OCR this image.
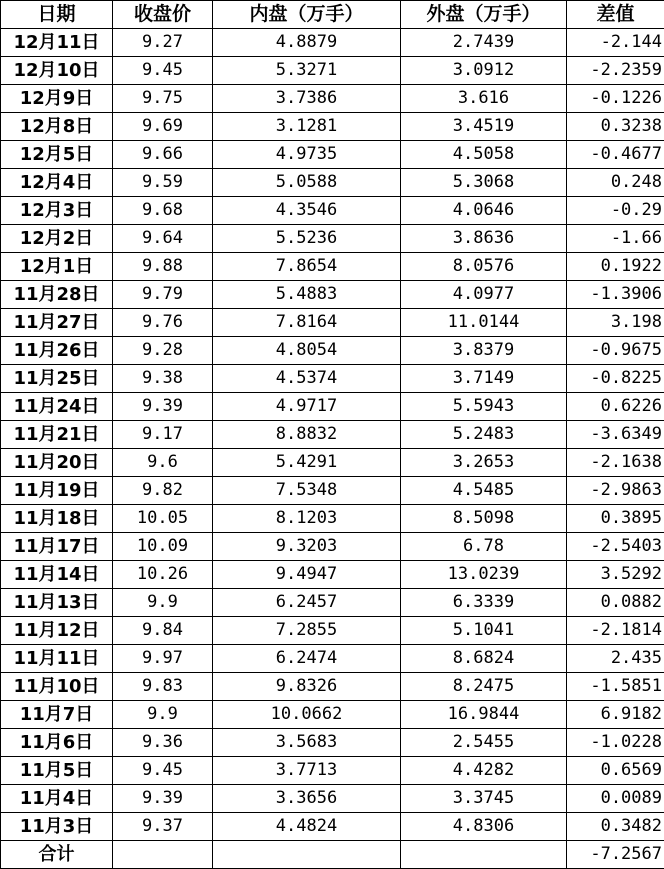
日期	收盘价	内盘（万手）	外盘（万手）	差值
12月11日	9.27	4.8879	2.7439	-2.144
12月10日	9.45	5.3271	3.0912	-2.2359
12月9日	9.75	3.7386	3.616	-0.1226
12月8日	9.69	3.1281	3.4519	0.3238
12月5日	9.66	4.9735	4.5058	-0.4677
12月4日	9.59	5.0588	5.3068	0.248
12月3日	9.68	4.3546	4.0646	-0.29
12月2日	9.64	5.5236	3.8636	-1.66
12月1日	9.88	7.8654	8.0576	0.1922
11月28日	9.79	5.4883	4.0977	-1.3906
11月27日	9.76	7.8164	11.0144	3.198
11月26日	9.28	4.8054	3.8379	-0.9675
11月25日	9.38	4.5374	3.7149	-0.8225
11月24日	9.39	4.9717	5.5943	0.6226
11月21日	9.17	8.8832	5.2483	-3.6349
11月20日	9.6	5.4291	3.2653	-2.1638
11月19日	9.82	7.5348	4.5485	-2.9863
11月18日	10.05	8.1203	8.5098	0.3895
11月17日	10.09	9.3203	6.78	-2.5403
11月14日	10.26	9.4947	13.0239	3.5292
11月13日	9.9	6.2457	6.3339	0.0882
11月12日	9.84	7.2855	5.1041	-2.1814
11月11日	9.97	6.2474	8.6824	2.435
11月10日	9.83	9.8326	8.2475	-1.5851
11月7日	9.9	10.0662	16.9844	6.9182
11月6日	9.36	3.5683	2.5455	-1.0228
11月5日	9.45	3.7713	4.4282	0.6569
11月4日	9.39	3.3656	3.3745	0.0089
11月3日	9.37	4.4824	4.8306	0.3482
合计				-7.2567
